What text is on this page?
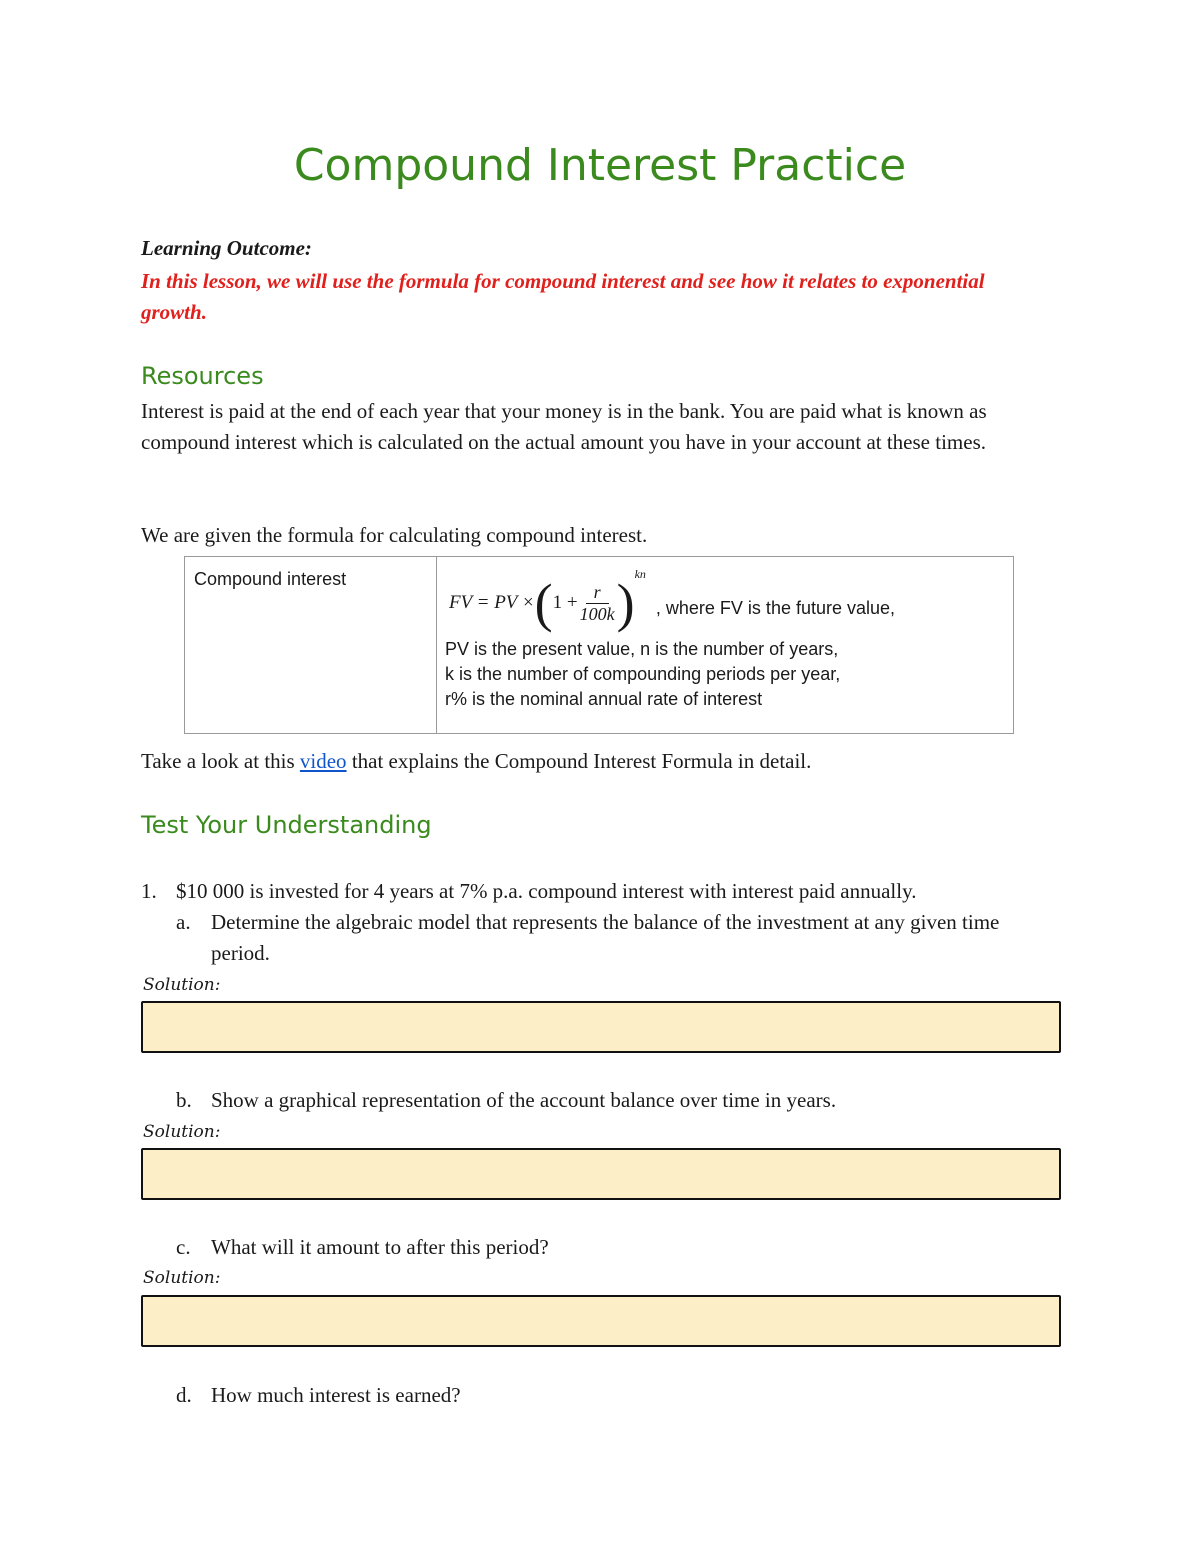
Compound Interest Practice
Learning Outcome:
In this lesson, we will use the formula for compound interest and see how it relates to exponential growth.
Resources
Interest is paid at the end of each year that your money is in the bank. You are paid what is known as compound interest which is calculated on the actual amount you have in your account at these times.
We are given the formula for calculating compound interest.
Compound interest
FV = PV × ( $1 + \frac{r}{100k}$ ) kn
, where FV is the future value,
PV is the present value, n is the number of years,
k is the number of compounding periods per year,
r% is the nominal annual rate of interest
Take a look at this video that explains the Compound Interest Formula in detail.
Test Your Understanding
1. $10 000 is invested for 4 years at 7% p.a. compound interest with interest paid annually.
a. Determine the algebraic model that represents the balance of the investment at any given time period.
Solution:
b. Show a graphical representation of the account balance over time in years.
Solution:
c. What will it amount to after this period?
Solution:
d. How much interest is earned?
